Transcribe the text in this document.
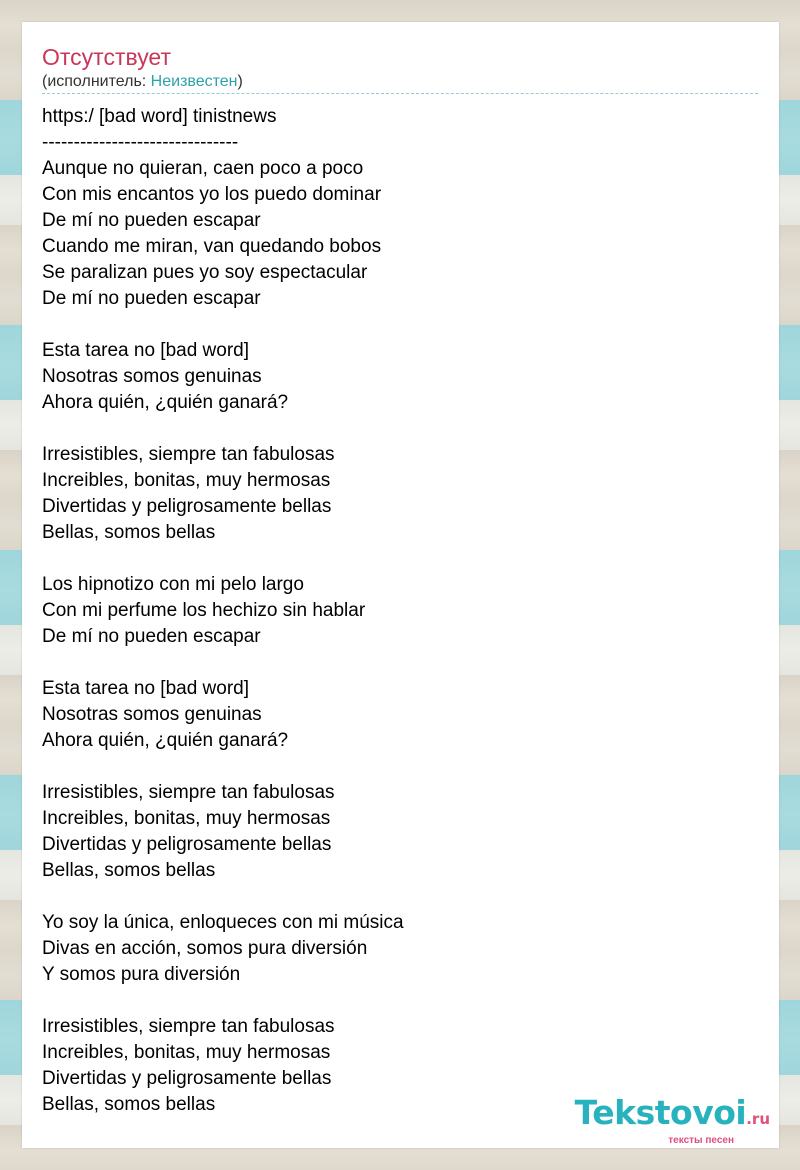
Отсутствует
(исполнитель: Неизвестен)
https:/ [bad word] tinistnews
-------------------------------
Aunque no quieran, caen poco a poco
Con mis encantos yo los puedo dominar
De mí no pueden escapar
Cuando me miran, van quedando bobos
Se paralizan pues yo soy espectacular
De mí no pueden escapar
Esta tarea no [bad word]
Nosotras somos genuinas
Ahora quién, ¿quién ganará?
Irresistibles, siempre tan fabulosas
Increibles, bonitas, muy hermosas
Divertidas y peligrosamente bellas
Bellas, somos bellas
Los hipnotizo con mi pelo largo
Con mi perfume los hechizo sin hablar
De mí no pueden escapar
Esta tarea no [bad word]
Nosotras somos genuinas
Ahora quién, ¿quién ganará?
Irresistibles, siempre tan fabulosas
Increibles, bonitas, muy hermosas
Divertidas y peligrosamente bellas
Bellas, somos bellas
Yo soy la única, enloqueces con mi música
Divas en acción, somos pura diversión
Y somos pura diversión
Irresistibles, siempre tan fabulosas
Increibles, bonitas, muy hermosas
Divertidas y peligrosamente bellas
Bellas, somos bellas	Tekstovoi.ru
тексты песен
